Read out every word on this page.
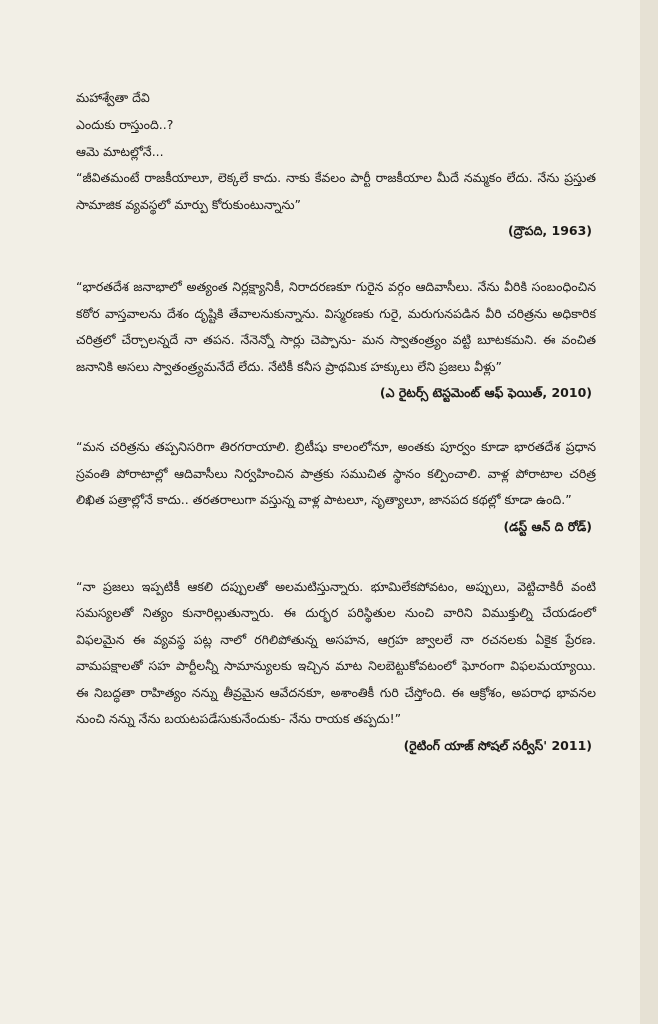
మహాశ్వేతా దేవి
ఎందుకు రాస్తుంది..?
ఆమె మాటల్లోనే...

“జీవితమంటే రాజకీయాలూ, లెక్కలే కాదు. నాకు కేవలం పార్టీ రాజకీయాల మీదే నమ్మకం లేదు. నేను ప్రస్తుత సామాజిక వ్యవస్థలో మార్పు కోరుకుంటున్నాను”

(ద్రౌపది, 1963)

“భారతదేశ జనాభాలో అత్యంత నిర్లక్ష్యానికీ, నిరాదరణకూ గురైన వర్గం ఆదివాసీలు. నేను వీరికి సంబంధించిన కఠోర వాస్తవాలను దేశం దృష్టికి తేవాలనుకున్నాను. విస్మరణకు గురై, మరుగునపడిన వీరి చరిత్రను అధికారిక చరిత్రలో చేర్చాలన్నదే నా తపన. నేనెన్నో సార్లు చెప్పాను- మన స్వాతంత్ర్యం వట్టి బూటకమని. ఈ వంచిత జనానికి అసలు స్వాతంత్ర్యమనేదే లేదు. నేటికీ కనీస ప్రాథమిక హక్కులు లేని ప్రజలు వీళ్లు”

(ఎ రైటర్స్ టెస్టమెంట్ ఆఫ్ ఫెయిత్, 2010)

“మన చరిత్రను తప్పనిసరిగా తిరగరాయాలి. బ్రిటీషు కాలంలోనూ, అంతకు పూర్వం కూడా భారతదేశ ప్రధాన స్రవంతి పోరాటాల్లో ఆదివాసీలు నిర్వహించిన పాత్రకు సముచిత స్థానం కల్పించాలి. వాళ్ల పోరాటాల చరిత్ర లిఖిత పత్రాల్లోనే కాదు.. తరతరాలుగా వస్తున్న వాళ్ల పాటలూ, నృత్యాలూ, జానపద కథల్లో కూడా ఉంది.”

(డస్ట్ ఆన్ ది రోడ్)

“నా ప్రజలు ఇప్పటికీ ఆకలి దప్పులతో అలమటిస్తున్నారు. భూమిలేకపోవటం, అప్పులు, వెట్టిచాకిరీ వంటి సమస్యలతో నిత్యం కునారిల్లుతున్నారు. ఈ దుర్భర పరిస్థితుల నుంచి వారిని విముక్తుల్ని చేయడంలో విఫలమైన ఈ వ్యవస్థ పట్ల నాలో రగిలిపోతున్న అసహన, ఆగ్రహ జ్వాలలే నా రచనలకు ఏకైక ప్రేరణ. వామపక్షాలతో సహ పార్టీలన్నీ సామాన్యులకు ఇచ్చిన మాట నిలబెట్టుకోవటంలో ఘోరంగా విఫలమయ్యాయి. ఈ నిబద్ధతా రాహిత్యం నన్ను తీవ్రమైన ఆవేదనకూ, అశాంతికీ గురి చేస్తోంది. ఈ ఆక్రోశం, అపరాధ భావనల నుంచి నన్ను నేను బయటపడేసుకునేందుకు- నేను రాయక తప్పదు!”

(రైటింగ్ యాజ్ సోషల్ సర్వీస్' 2011)
